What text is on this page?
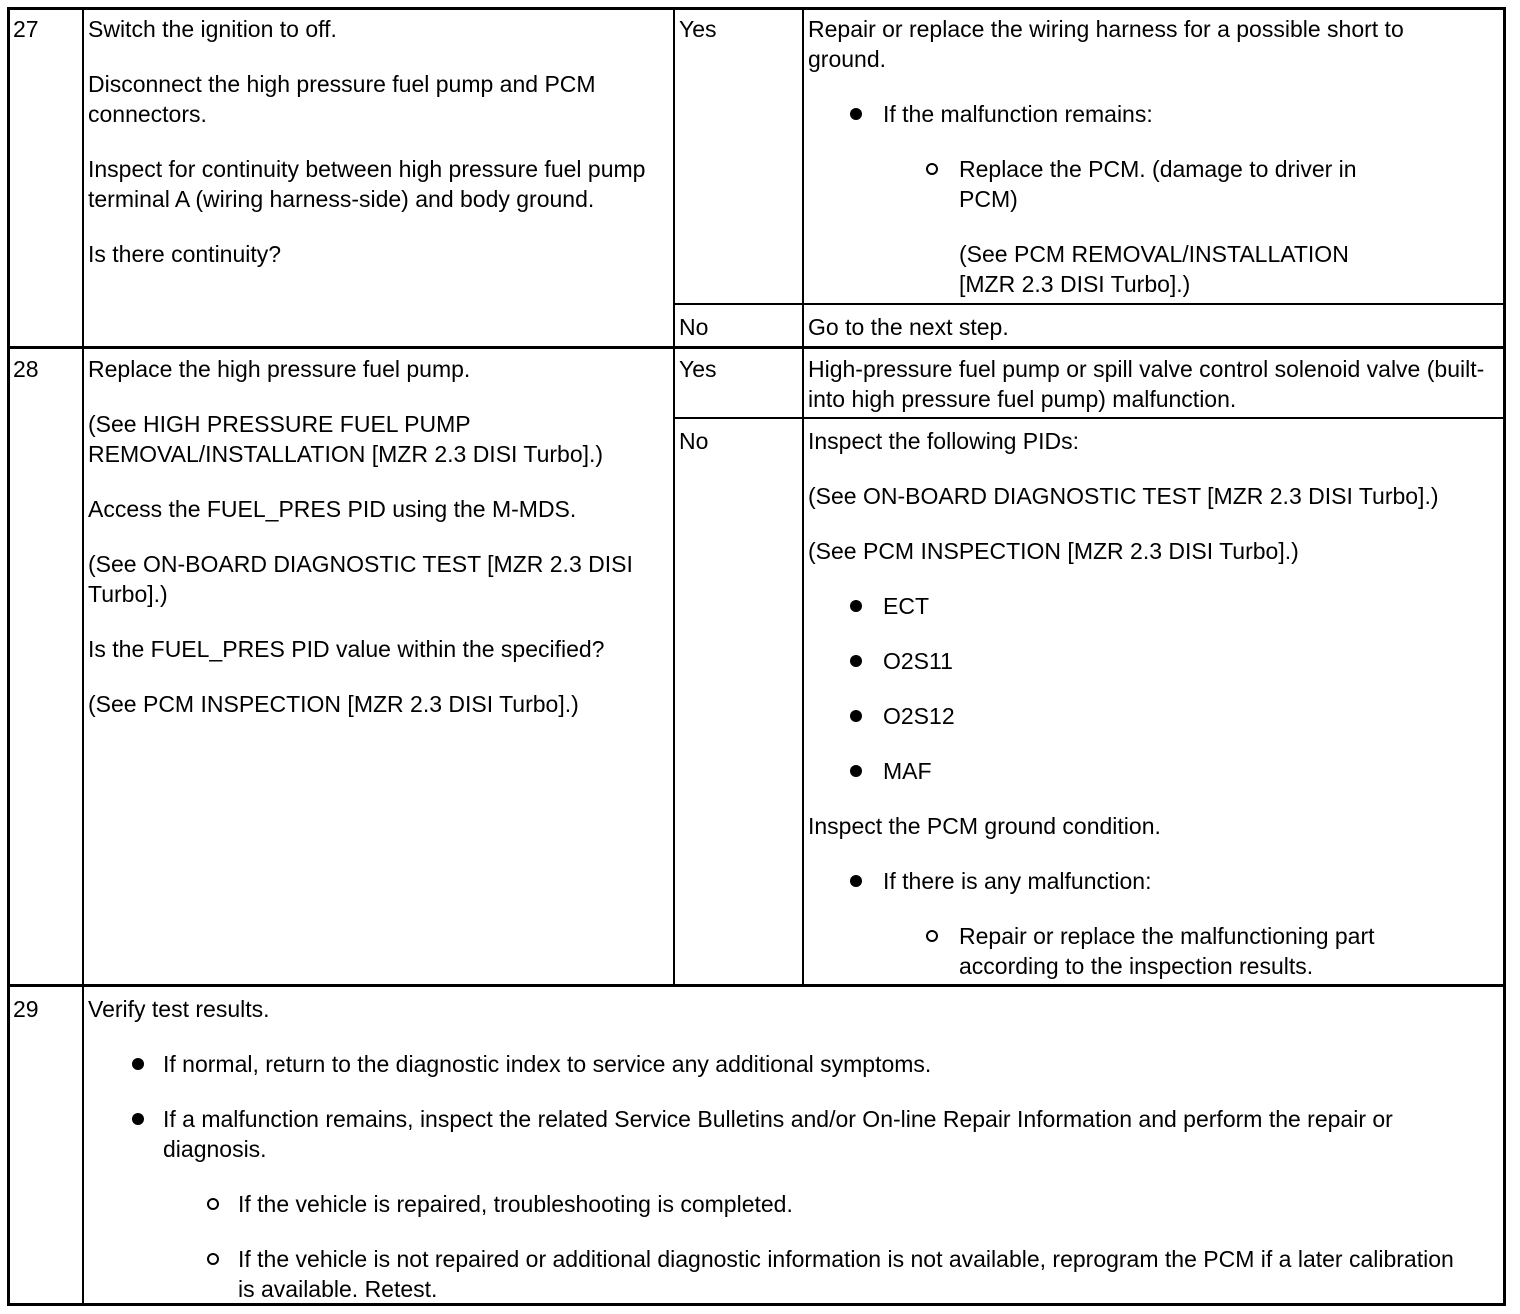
27 Switch the ignition to off.

Disconnect the high pressure fuel pump and PCM connectors.

Inspect for continuity between high pressure fuel pump terminal A (wiring harness-side) and body ground.

Is there continuity?

Yes	Repair or replace the wiring harness for a possible short to ground.

If the malfunction remains:
Replace the PCM. (damage to driver in PCM)

(See PCM REMOVAL/INSTALLATION [MZR 2.3 DISI Turbo].)

No	Go to the next step.
28 Replace the high pressure fuel pump.

(See HIGH PRESSURE FUEL PUMP REMOVAL/INSTALLATION [MZR 2.3 DISI Turbo].)

Access the FUEL_PRES PID using the M-MDS.

(See ON-BOARD DIAGNOSTIC TEST [MZR 2.3 DISI Turbo].)

Is the FUEL_PRES PID value within the specified?

(See PCM INSPECTION [MZR 2.3 DISI Turbo].)

Yes	High-pressure fuel pump or spill valve control solenoid valve (built-into high pressure fuel pump) malfunction.
No	Inspect the following PIDs:

(See ON-BOARD DIAGNOSTIC TEST [MZR 2.3 DISI Turbo].)

(See PCM INSPECTION [MZR 2.3 DISI Turbo].)

ECT
O2S11
O2S12
MAF

Inspect the PCM ground condition.

If there is any malfunction:
Repair or replace the malfunctioning part according to the inspection results.
29 Verify test results.

If normal, return to the diagnostic index to service any additional symptoms.
If a malfunction remains, inspect the related Service Bulletins and/or On-line Repair Information and perform the repair or diagnosis.
If the vehicle is repaired, troubleshooting is completed.
If the vehicle is not repaired or additional diagnostic information is not available, reprogram the PCM if a later calibration is available. Retest.
